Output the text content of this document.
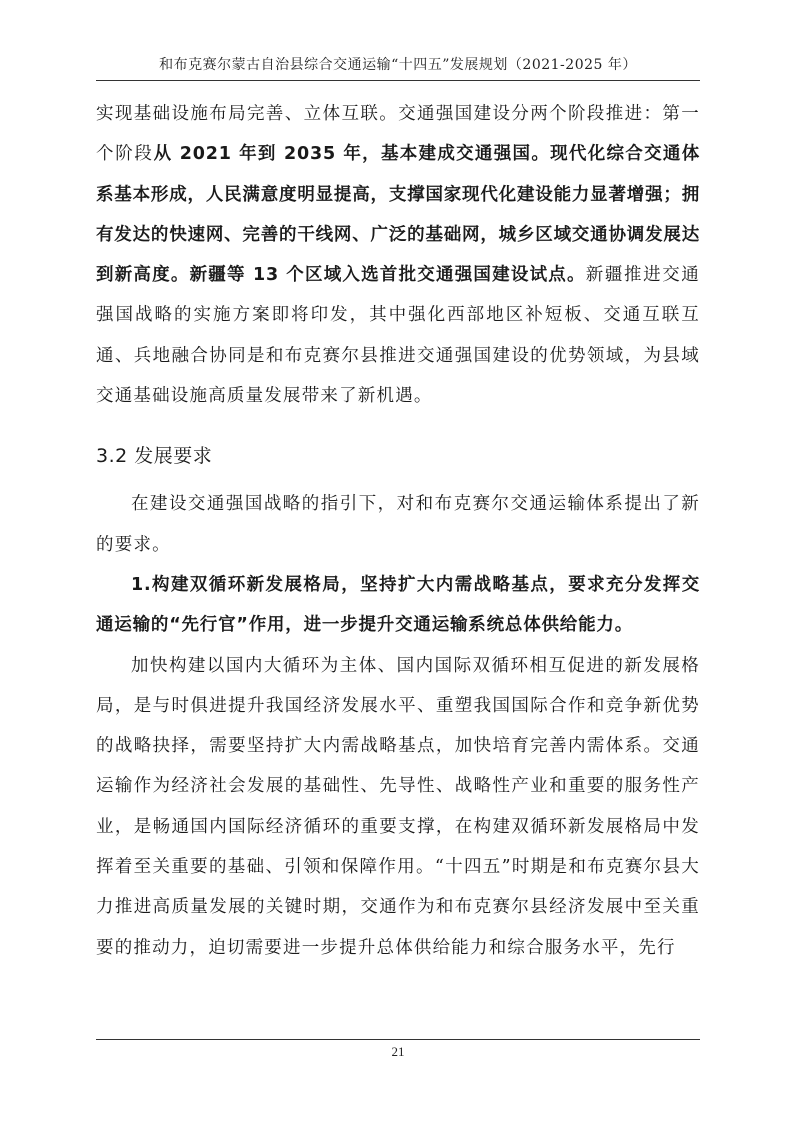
和布克赛尔蒙古自治县综合交通运输“十四五”发展规划（2021-2025 年）

实现基础设施布局完善、立体互联。交通强国建设分两个阶段推进：第一个阶段从 2021 年到 2035 年，基本建成交通强国。现代化综合交通体系基本形成，人民满意度明显提高，支撑国家现代化建设能力显著增强；拥有发达的快速网、完善的干线网、广泛的基础网，城乡区域交通协调发展达到新高度。新疆等 13 个区域入选首批交通强国建设试点。新疆推进交通强国战略的实施方案即将印发，其中强化西部地区补短板、交通互联互通、兵地融合协同是和布克赛尔县推进交通强国建设的优势领域，为县域交通基础设施高质量发展带来了新机遇。

3.2 发展要求

在建设交通强国战略的指引下，对和布克赛尔交通运输体系提出了新的要求。

1.构建双循环新发展格局，坚持扩大内需战略基点，要求充分发挥交通运输的“先行官”作用，进一步提升交通运输系统总体供给能力。

加快构建以国内大循环为主体、国内国际双循环相互促进的新发展格局，是与时俱进提升我国经济发展水平、重塑我国国际合作和竞争新优势的战略抉择，需要坚持扩大内需战略基点，加快培育完善内需体系。交通运输作为经济社会发展的基础性、先导性、战略性产业和重要的服务性产业，是畅通国内国际经济循环的重要支撑，在构建双循环新发展格局中发挥着至关重要的基础、引领和保障作用。“十四五”时期是和布克赛尔县大力推进高质量发展的关键时期，交通作为和布克赛尔县经济发展中至关重要的推动力，迫切需要进一步提升总体供给能力和综合服务水平，先行

21
